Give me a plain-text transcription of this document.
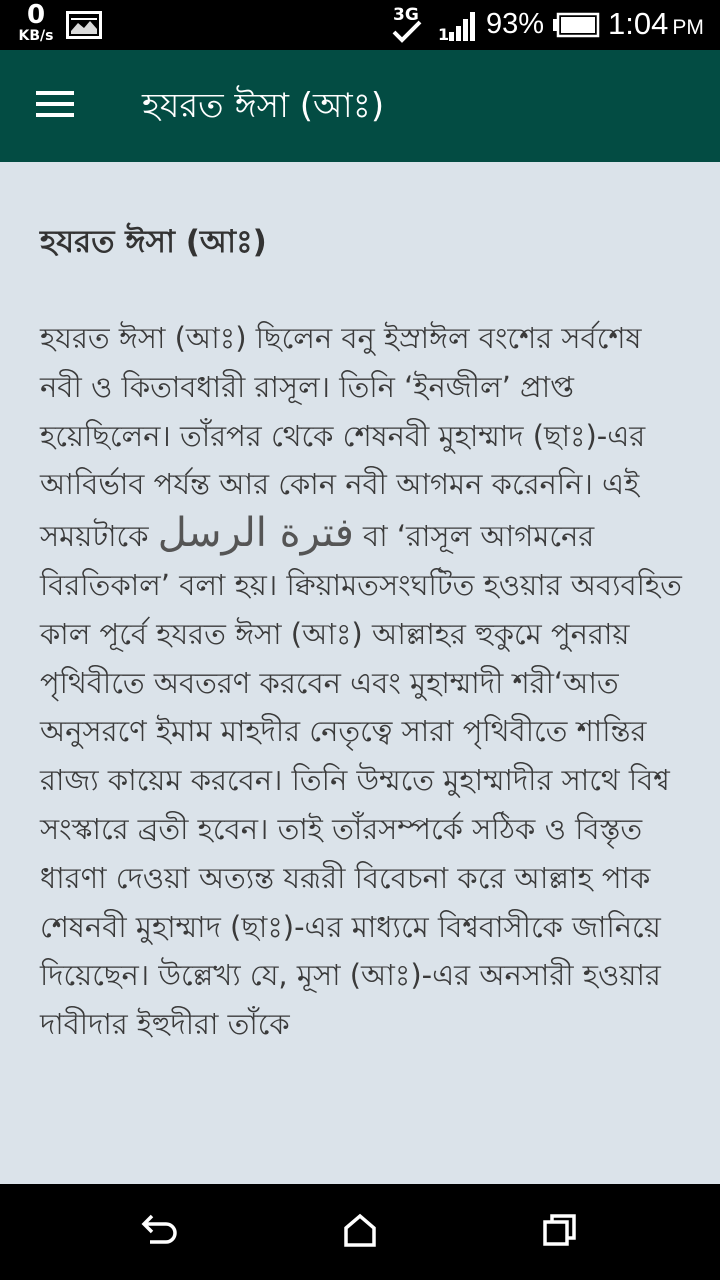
0
KB/s
3G
1 93% 1:04 PM
হযরত ঈসা (আঃ)
হযরত ঈসা (আঃ)
হযরত ঈসা (আঃ) ছিলেন বনু ইস্রাঈল বংশের সর্বশেষ নবী ও কিতাবধারী রাসূল। তিনি ‘ইনজীল’ প্রাপ্ত হয়েছিলেন। তাঁরপর থেকে শেষনবী মুহাম্মাদ (ছাঃ)-এর আবির্ভাব পর্যন্ত আর কোন নবী আগমন করেননি। এই সময়টাকে فترة الرسل বা ‘রাসূল আগমনের বিরতিকাল’ বলা হয়। ক্বিয়ামতসংঘটিত হওয়ার অব্যবহিত কাল পূর্বে হযরত ঈসা (আঃ) আল্লাহর হুকুমে পুনরায় পৃথিবীতে অবতরণ করবেন এবং মুহাম্মাদী শরী‘আত অনুসরণে ইমাম মাহদীর নেতৃত্বে সারা পৃথিবীতে শান্তির রাজ্য কায়েম করবেন। তিনি উম্মতে মুহাম্মাদীর সাথে বিশ্ব সংস্কারে ব্রতী হবেন। তাই তাঁরসম্পর্কে সঠিক ও বিস্তৃত ধারণা দেওয়া অত্যন্ত যরূরী বিবেচনা করে আল্লাহ পাক শেষনবী মুহাম্মাদ (ছাঃ)-এর মাধ্যমে বিশ্ববাসীকে জানিয়ে দিয়েছেন। উল্লেখ্য যে, মূসা (আঃ)-এর অনসারী হওয়ার দাবীদার ইহুদীরা তাঁকে
